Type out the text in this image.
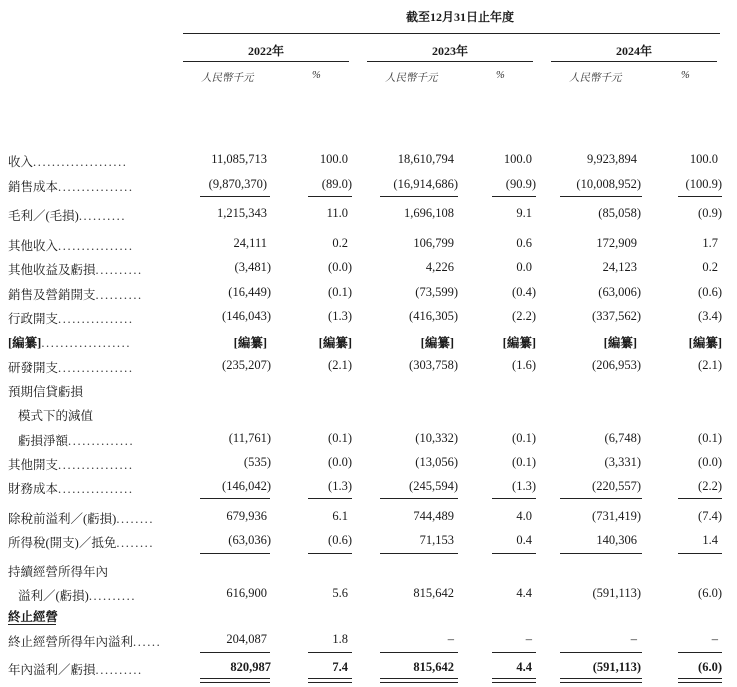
截至12月31日止年度
2022年	2023年	2024年
人民幣千元	%	人民幣千元	%	人民幣千元	%
收入....................	11,085,713	100.0	18,610,794	100.0	9,923,894	100.0
銷售成本................	(9,870,370)	(89.0)	(16,914,686)	(90.9)	(10,008,952)	(100.9)
毛利／(毛損)..........	1,215,343	11.0	1,696,108	9.1	(85,058)	(0.9)
其他收入................	24,111	0.2	106,799	0.6	172,909	1.7
其他收益及虧損..........	(3,481)	(0.0)	4,226	0.0	24,123	0.2
銷售及營銷開支..........	(16,449)	(0.1)	(73,599)	(0.4)	(63,006)	(0.6)
行政開支................	(146,043)	(1.3)	(416,305)	(2.2)	(337,562)	(3.4)
[編纂]...................	[編纂]	[編纂]	[編纂]	[編纂]	[編纂]	[編纂]
研發開支................	(235,207)	(2.1)	(303,758)	(1.6)	(206,953)	(2.1)
預期信貸虧損
模式下的減值
虧損淨額..............	(11,761)	(0.1)	(10,332)	(0.1)	(6,748)	(0.1)
其他開支................	(535)	(0.0)	(13,056)	(0.1)	(3,331)	(0.0)
財務成本................	(146,042)	(1.3)	(245,594)	(1.3)	(220,557)	(2.2)
除稅前溢利／(虧損)........	679,936	6.1	744,489	4.0	(731,419)	(7.4)
所得稅(開支)／抵免........	(63,036)	(0.6)	71,153	0.4	140,306	1.4
持續經營所得年內
溢利／(虧損)..........	616,900	5.6	815,642	4.4	(591,113)	(6.0)
終止經營
終止經營所得年內溢利......	204,087	1.8	–	–	–	–
年內溢利／虧損..........	820,987	7.4	815,642	4.4	(591,113)	(6.0)
